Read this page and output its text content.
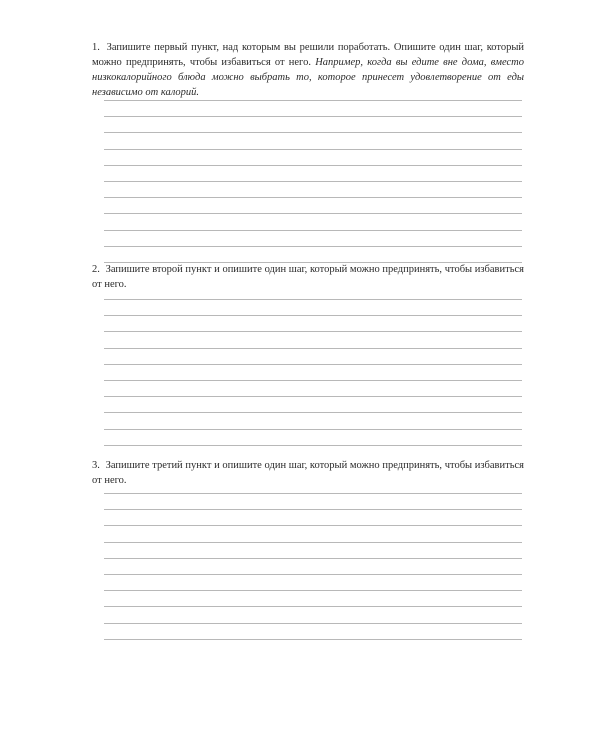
1. Запишите первый пункт, над которым вы решили поработать. Опишите один шаг, который можно предпринять, чтобы избавиться от него. Например, когда вы едите вне дома, вместо низкокалорийного блюда можно выбрать то, которое принесет удовлетворение от еды независимо от калорий.

2. Запишите второй пункт и опишите один шаг, который можно предпринять, чтобы избавиться от него.

3. Запишите третий пункт и опишите один шаг, который можно предпринять, чтобы избавиться от него.
